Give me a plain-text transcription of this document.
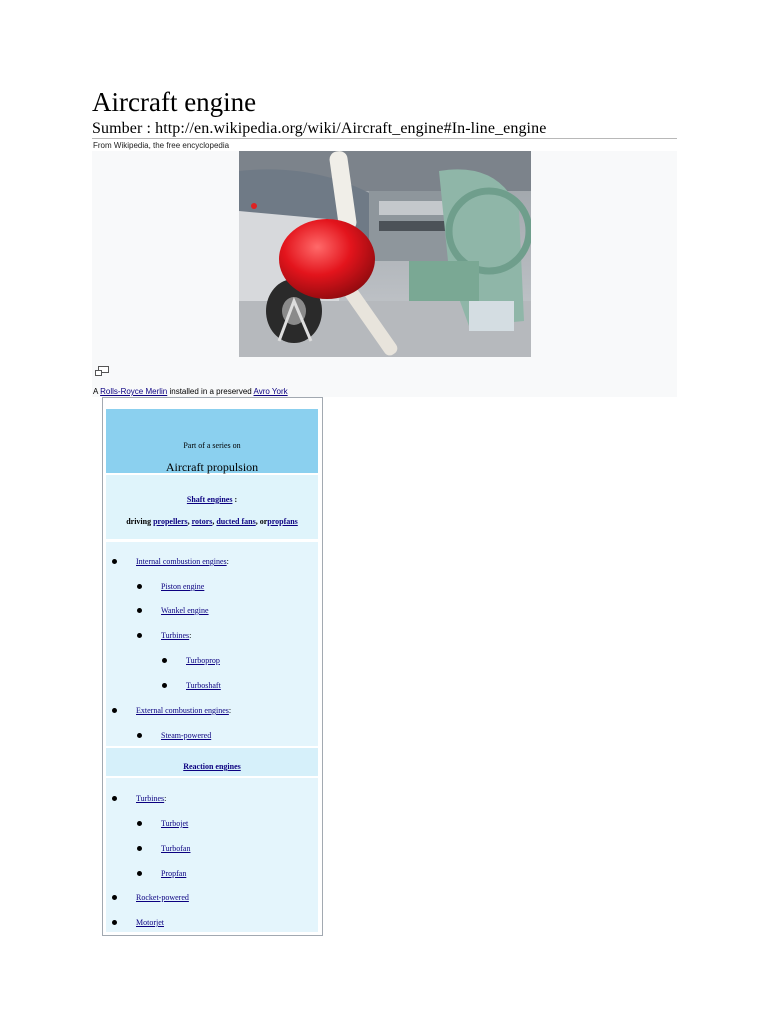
Aircraft engine
Sumber : http://en.wikipedia.org/wiki/Aircraft_engine#In-line_engine
From Wikipedia, the free encyclopedia
A Rolls-Royce Merlin installed in a preserved Avro York
Part of a series on
Aircraft propulsion
Shaft engines :
driving propellers, rotors, ducted fans, orpropfans
Internal combustion engines:
Piston engine
Wankel engine
Turbines:
Turboprop
Turboshaft
External combustion engines:
Steam-powered
Reaction engines
Turbines:
Turbojet
Turbofan
Propfan
Rocket-powered
Motorjet
